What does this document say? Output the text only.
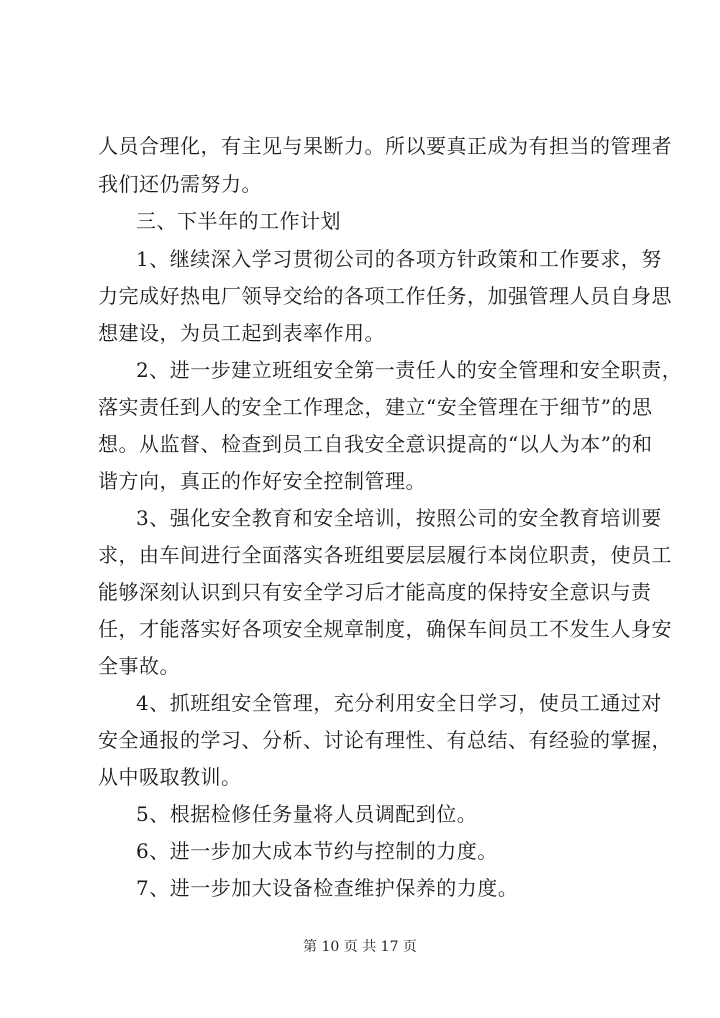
人员合理化，有主见与果断力。所以要真正成为有担当的管理者
我们还仍需努力。
三、下半年的工作计划
1、继续深入学习贯彻公司的各项方针政策和工作要求，努
力完成好热电厂领导交给的各项工作任务，加强管理人员自身思
想建设，为员工起到表率作用。
2、进一步建立班组安全第一责任人的安全管理和安全职责，
落实责任到人的安全工作理念，建立“安全管理在于细节”的思
想。从监督、检查到员工自我安全意识提高的“以人为本”的和
谐方向，真正的作好安全控制管理。
3、强化安全教育和安全培训，按照公司的安全教育培训要
求，由车间进行全面落实各班组要层层履行本岗位职责，使员工
能够深刻认识到只有安全学习后才能高度的保持安全意识与责
任，才能落实好各项安全规章制度，确保车间员工不发生人身安
全事故。
4、抓班组安全管理，充分利用安全日学习，使员工通过对
安全通报的学习、分析、讨论有理性、有总结、有经验的掌握，
从中吸取教训。
5、根据检修任务量将人员调配到位。
6、进一步加大成本节约与控制的力度。
7、进一步加大设备检查维护保养的力度。
第 10 页 共 17 页
